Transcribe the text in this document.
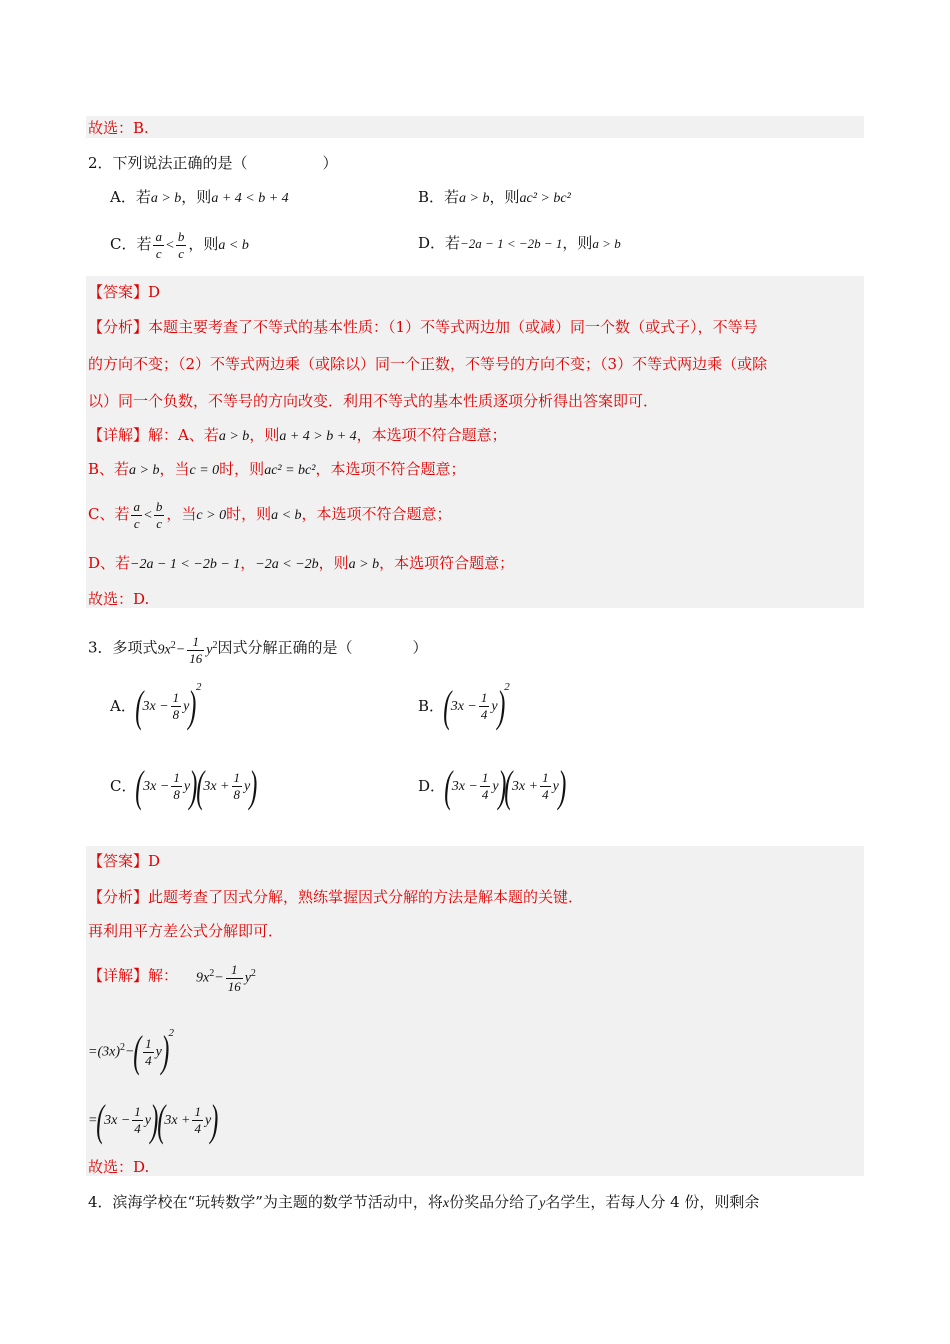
故选：B.
2．下列说法正确的是（　　　　　）
A．若a > b，则a + 4 < b + 4	B．若a > b，则ac² > bc²
C．若 $\frac{a}{c} < \frac{b}{c}$ ，则a < b	D．若−2a − 1 < −2b − 1，则a > b
【答案】D
【分析】本题主要考查了不等式的基本性质：（1）不等式两边加（或减）同一个数（或式子），不等号
的方向不变；（2）不等式两边乘（或除以）同一个正数，不等号的方向不变；（3）不等式两边乘（或除
以）同一个负数，不等号的方向改变．利用不等式的基本性质逐项分析得出答案即可．
【详解】解：A、若a > b，则a + 4 > b + 4，本选项不符合题意；
B、若a > b，当c = 0时，则ac² = bc²，本选项不符合题意；
C、若 $\frac{a}{c} < \frac{b}{c}$ ，当c > 0时，则a < b，本选项不符合题意；
D、若−2a − 1 < −2b − 1，−2a < −2b，则a > b，本选项符合题意；
故选：D.
3．多项式$9x^2- \frac{1}{16} y^2$因式分解正确的是（　　　　）
A．$(3x - \frac{1}{8} y)^2$
B．$(3x - \frac{1}{4} y)^2$
C．$(3x - \frac{1}{8} y)(3x + \frac{1}{8} y)$	D．$(3x - \frac{1}{4} y)(3x + \frac{1}{4} y)$
【答案】D
【分析】此题考查了因式分解，熟练掌握因式分解的方法是解本题的关键．
再利用平方差公式分解即可．
【详解】解： $9x^2- \frac{1}{16} y^2$
$=(3x)^2-( \frac{1}{4} y)^2$
$=(3x - \frac{1}{4} y)(3x + \frac{1}{4} y)$
故选：D.
4．滨海学校在“玩转数学”为主题的数学节活动中，将x份奖品分给了y名学生，若每人分 4 份，则剩余
